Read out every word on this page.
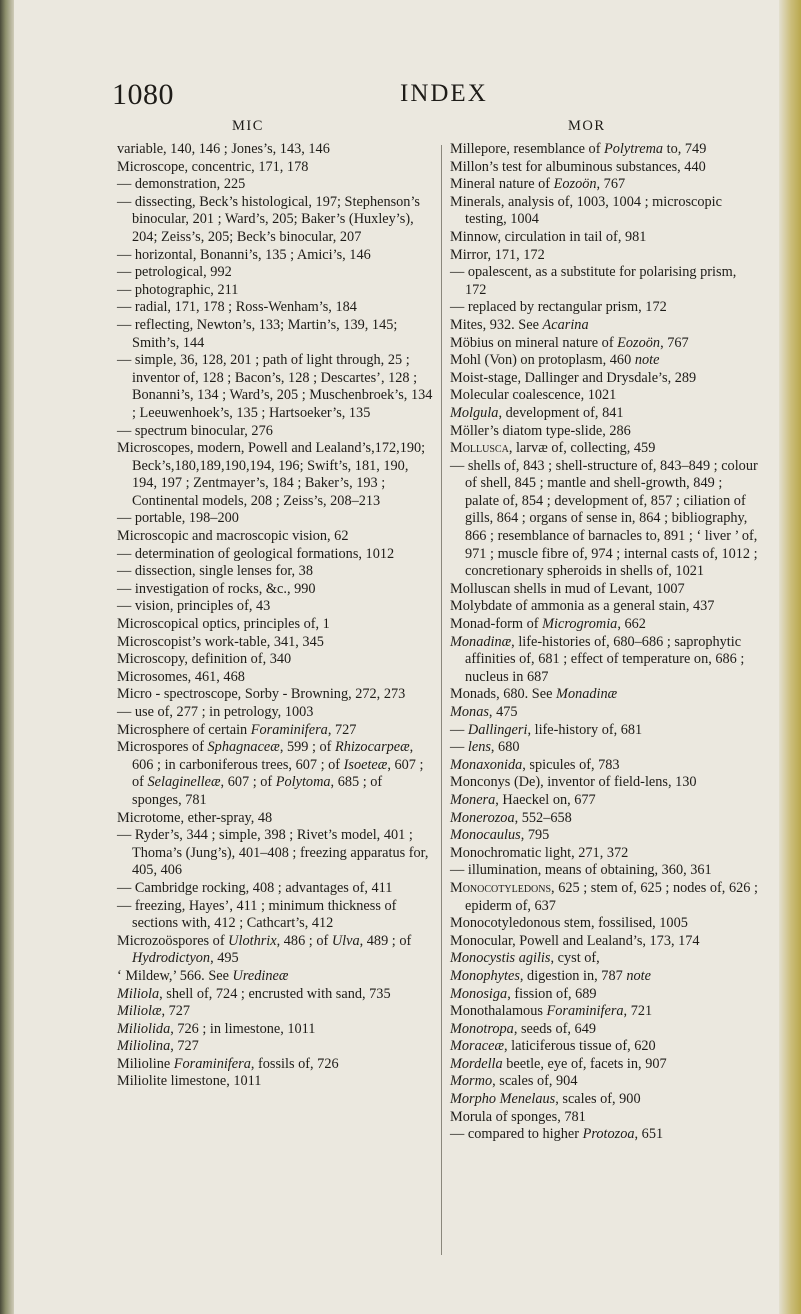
1080	INDEX
MIC	MOR
variable, 140, 146 ; Jones’s, 143, 146
Microscope, concentric, 171, 178
— demonstration, 225
— dissecting, Beck’s histological, 197; Stephenson’s binocular, 201 ; Ward’s, 205; Baker’s (Huxley’s), 204; Zeiss’s, 205; Beck’s binocular, 207
— horizontal, Bonanni’s, 135 ; Amici’s, 146
— petrological, 992
— photographic, 211
— radial, 171, 178 ; Ross-Wenham’s, 184
— reflecting, Newton’s, 133; Martin’s, 139, 145; Smith’s, 144
— simple, 36, 128, 201 ; path of light through, 25 ; inventor of, 128 ; Bacon’s, 128 ; Descartes’, 128 ; Bonanni’s, 134 ; Ward’s, 205 ; Muschenbroek’s, 134 ; Leeuwenhoek’s, 135 ; Hartsoeker’s, 135
— spectrum binocular, 276
Microscopes, modern, Powell and Lealand’s,172,190; Beck’s,180,189,190,194, 196; Swift’s, 181, 190, 194, 197 ; Zentmayer’s, 184 ; Baker’s, 193 ; Continental models, 208 ; Zeiss’s, 208–213
— portable, 198–200
Microscopic and macroscopic vision, 62
— determination of geological formations, 1012
— dissection, single lenses for, 38
— investigation of rocks, &c., 990
— vision, principles of, 43
Microscopical optics, principles of, 1
Microscopist’s work-table, 341, 345
Microscopy, definition of, 340
Microsomes, 461, 468
Micro - spectroscope, Sorby - Browning, 272, 273
— use of, 277 ; in petrology, 1003
Microsphere of certain Foraminifera, 727
Microspores of Sphagnaceæ, 599 ; of Rhizocarpeæ, 606 ; in carboniferous trees, 607 ; of Isoeteæ, 607 ; of Selaginelleæ, 607 ; of Polytoma, 685 ; of sponges, 781
Microtome, ether-spray, 48
— Ryder’s, 344 ; simple, 398 ; Rivet’s model, 401 ; Thoma’s (Jung’s), 401–408 ; freezing apparatus for, 405, 406
— Cambridge rocking, 408 ; advantages of, 411
— freezing, Hayes’, 411 ; minimum thickness of sections with, 412 ; Cathcart’s, 412
Microzoöspores of Ulothrix, 486 ; of Ulva, 489 ; of Hydrodictyon, 495
‘ Mildew,’ 566. See Uredineæ
Miliola, shell of, 724 ; encrusted with sand, 735
Miliolæ, 727
Miliolida, 726 ; in limestone, 1011
Miliolina, 727
Milioline Foraminifera, fossils of, 726
Miliolite limestone, 1011
Millepore, resemblance of Polytrema to, 749
Millon’s test for albuminous substances, 440
Mineral nature of Eozoön, 767
Minerals, analysis of, 1003, 1004 ; microscopic testing, 1004
Minnow, circulation in tail of, 981
Mirror, 171, 172
— opalescent, as a substitute for polarising prism, 172
— replaced by rectangular prism, 172
Mites, 932. See Acarina
Möbius on mineral nature of Eozoön, 767
Mohl (Von) on protoplasm, 460 note
Moist-stage, Dallinger and Drysdale’s, 289
Molecular coalescence, 1021
Molgula, development of, 841
Möller’s diatom type-slide, 286
Mollusca, larvæ of, collecting, 459
— shells of, 843 ; shell-structure of, 843–849 ; colour of shell, 845 ; mantle and shell-growth, 849 ; palate of, 854 ; development of, 857 ; ciliation of gills, 864 ; organs of sense in, 864 ; bibliography, 866 ; resemblance of barnacles to, 891 ; ‘ liver ’ of, 971 ; muscle fibre of, 974 ; internal casts of, 1012 ; concretionary spheroids in shells of, 1021
Molluscan shells in mud of Levant, 1007
Molybdate of ammonia as a general stain, 437
Monad-form of Microgromia, 662
Monadinæ, life-histories of, 680–686 ; saprophytic affinities of, 681 ; effect of temperature on, 686 ; nucleus in 687
Monads, 680. See Monadinæ
Monas, 475
— Dallingeri, life-history of, 681
— lens, 680
Monaxonida, spicules of, 783
Monconys (De), inventor of field-lens, 130
Monera, Haeckel on, 677
Monerozoa, 552–658
Monocaulus, 795
Monochromatic light, 271, 372
— illumination, means of obtaining, 360, 361
Monocotyledons, 625 ; stem of, 625 ; nodes of, 626 ; epiderm of, 637
Monocotyledonous stem, fossilised, 1005
Monocular, Powell and Lealand’s, 173, 174
Monocystis agilis, cyst of,
Monophytes, digestion in, 787 note
Monosiga, fission of, 689
Monothalamous Foraminifera, 721
Monotropa, seeds of, 649
Moraceæ, laticiferous tissue of, 620
Mordella beetle, eye of, facets in, 907
Mormo, scales of, 904
Morpho Menelaus, scales of, 900
Morula of sponges, 781
— compared to higher Protozoa, 651
